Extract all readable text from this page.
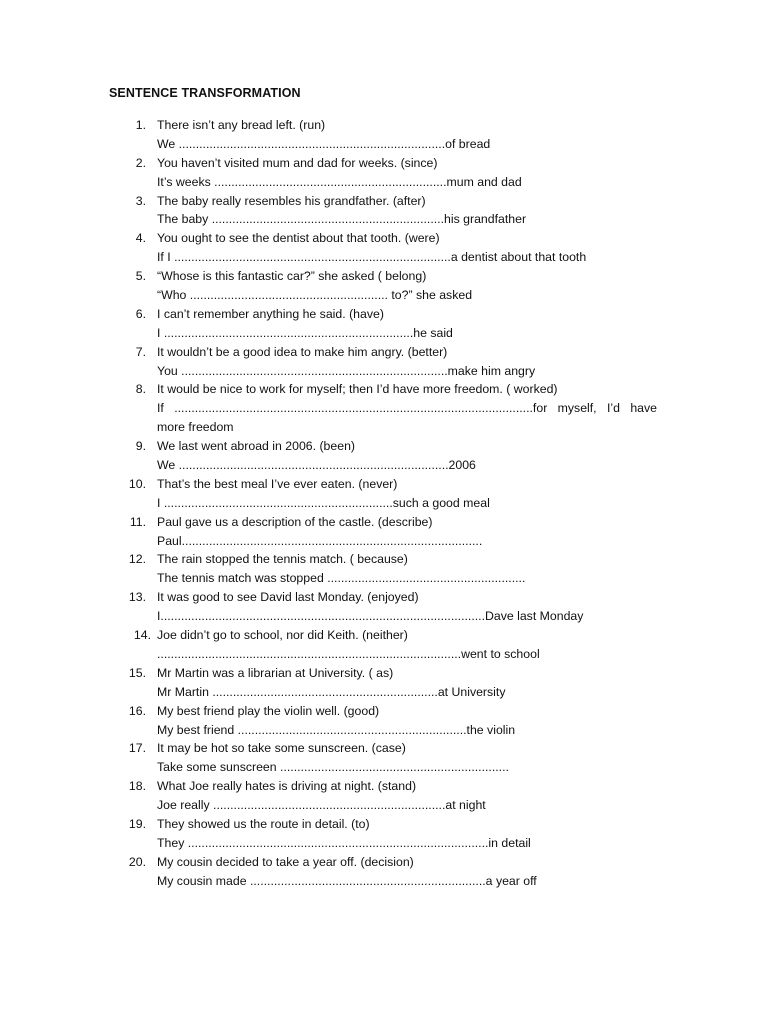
SENTENCE TRANSFORMATION
1. There isn’t any bread left. (run)
We ..............................................................................of bread
2. You haven’t visited mum and dad for weeks. (since)
It’s weeks ....................................................................mum and dad
3. The baby really resembles his grandfather. (after)
The baby ....................................................................his grandfather
4. You ought to see the dentist about that tooth. (were)
If I .................................................................................a dentist about that tooth
5. “Whose is this fantastic car?” she asked ( belong)
“Who .......................................................... to?” she asked
6. I can’t remember anything he said. (have)
I .........................................................................he said
7. It wouldn’t be a good idea to make him angry. (better)
You ..............................................................................make him angry
8. It would be nice to work for myself; then I’d have more freedom. ( worked)
If .........................................................................................................for myself, I’d have
more freedom
9. We last went abroad in 2006. (been)
We ...............................................................................2006
10. That’s the best meal I’ve ever eaten. (never)
I ...................................................................such a good meal
11. Paul gave us a description of the castle. (describe)
Paul........................................................................................
12. The rain stopped the tennis match. ( because)
The tennis match was stopped ..........................................................
13. It was good to see David last Monday. (enjoyed)
I...............................................................................................Dave last Monday
14. Joe didn’t go to school, nor did Keith. (neither)
.........................................................................................went to school
15. Mr Martin was a librarian at University. ( as)
Mr Martin ..................................................................at University
16. My best friend play the violin well. (good)
My best friend ...................................................................the violin
17. It may be hot so take some sunscreen. (case)
Take some sunscreen ...................................................................
18. What Joe really hates is driving at night. (stand)
Joe really ....................................................................at night
19. They showed us the route in detail. (to)
They ........................................................................................in detail
20. My cousin decided to take a year off. (decision)
My cousin made .....................................................................a year off
